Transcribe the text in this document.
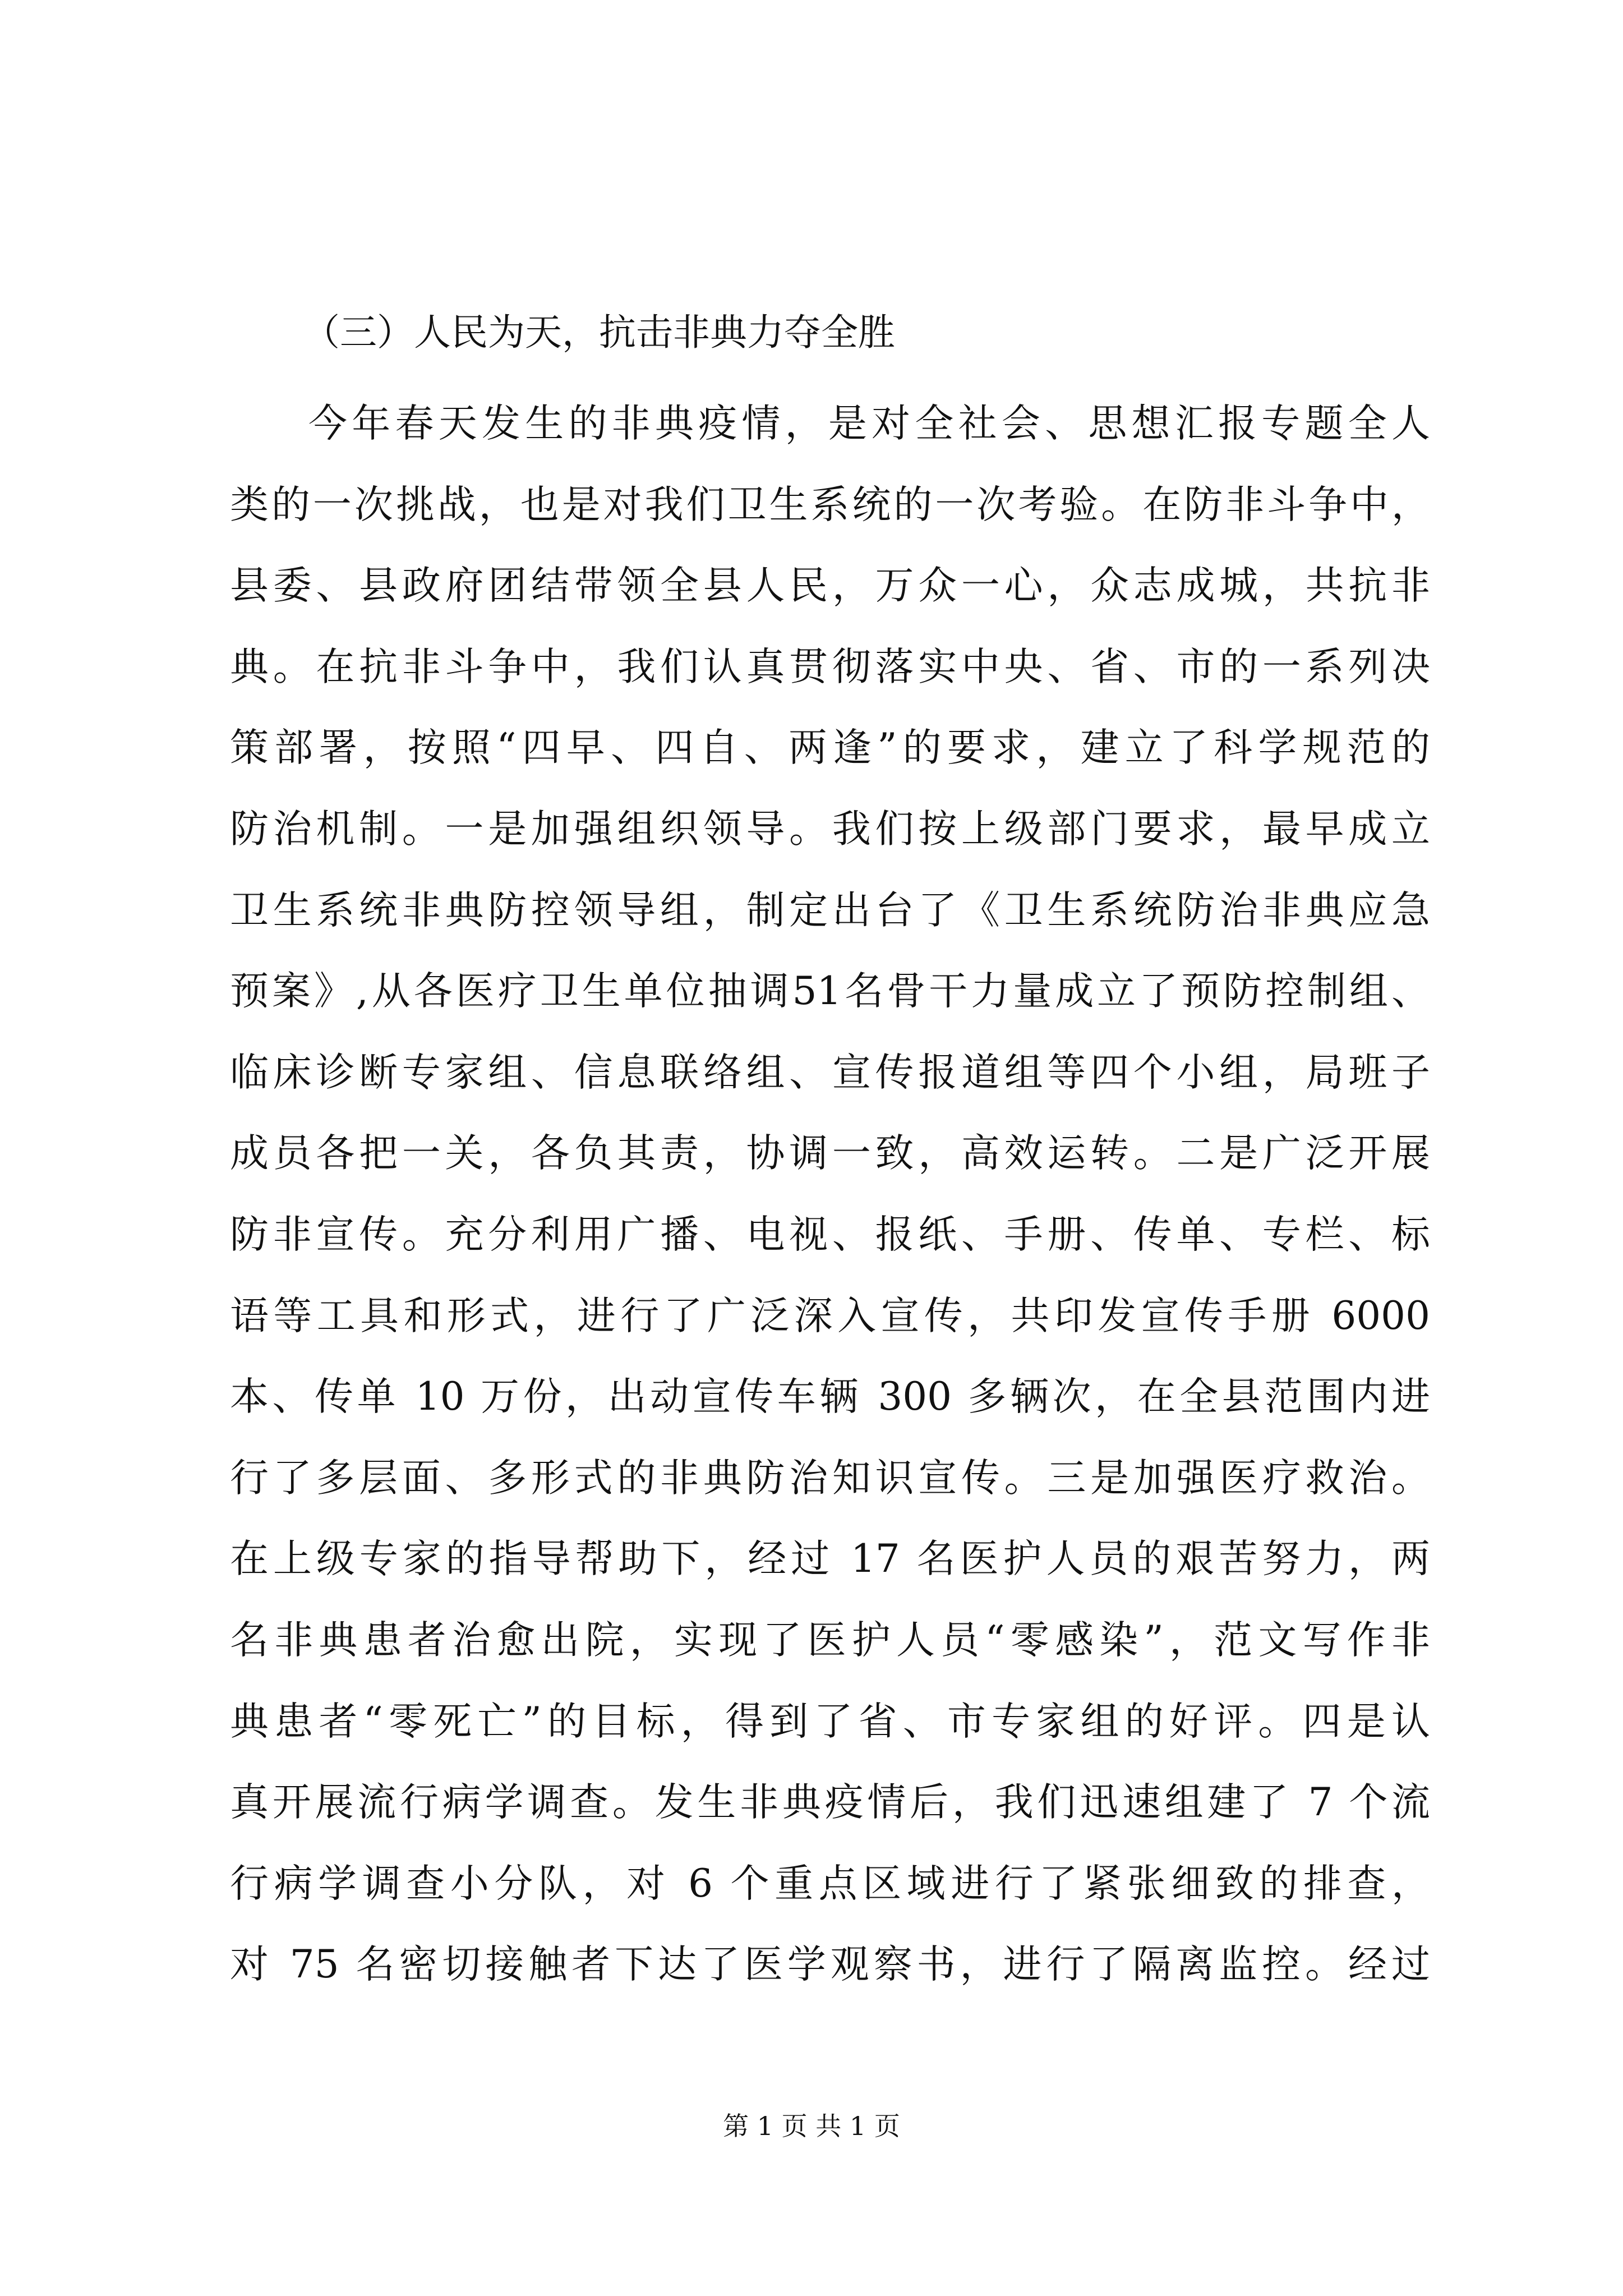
（三）人民为天，抗击非典力夺全胜
今年春天发生的非典疫情，是对全社会、思想汇报专题全人
类的一次挑战，也是对我们卫生系统的一次考验。在防非斗争中，
县委、县政府团结带领全县人民，万众一心，众志成城，共抗非
典。在抗非斗争中，我们认真贯彻落实中央、省、市的一系列决
策部署，按照“四早、四自、两逢”的要求，建立了科学规范的
防治机制。一是加强组织领导。我们按上级部门要求，最早成立
卫生系统非典防控领导组，制定出台了《卫生系统防治非典应急
预案》,从各医疗卫生单位抽调51名骨干力量成立了预防控制组、
临床诊断专家组、信息联络组、宣传报道组等四个小组，局班子
成员各把一关，各负其责，协调一致，高效运转。二是广泛开展
防非宣传。充分利用广播、电视、报纸、手册、传单、专栏、标
语等工具和形式，进行了广泛深入宣传，共印发宣传手册 6000
本、传单 10 万份，出动宣传车辆 300 多辆次，在全县范围内进
行了多层面、多形式的非典防治知识宣传。三是加强医疗救治。
在上级专家的指导帮助下，经过 17 名医护人员的艰苦努力，两
名非典患者治愈出院，实现了医护人员“零感染”，范文写作非
典患者“零死亡”的目标，得到了省、市专家组的好评。四是认
真开展流行病学调查。发生非典疫情后，我们迅速组建了 7 个流
行病学调查小分队，对 6 个重点区域进行了紧张细致的排查，
对 75 名密切接触者下达了医学观察书，进行了隔离监控。经过
第 1 页 共 1 页
